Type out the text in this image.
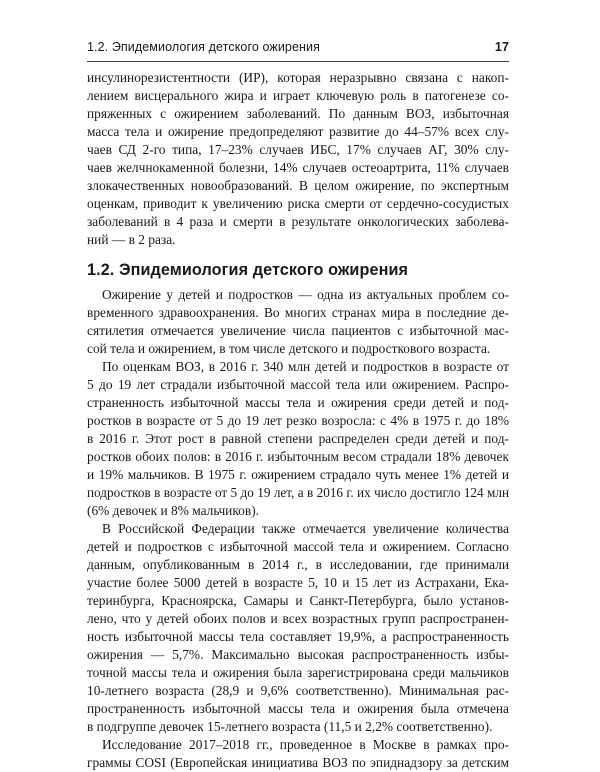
1.2. Эпидемиология детского ожирения	17
инсулинорезистентности (ИР), которая неразрывно связана с накоп-
лением висцерального жира и играет ключевую роль в патогенезе со-
пряженных с ожирением заболеваний. По данным ВОЗ, избыточная
масса тела и ожирение предопределяют развитие до 44–57% всех слу-
чаев СД 2-го типа, 17–23% случаев ИБС, 17% случаев АГ, 30% слу-
чаев желчнокаменной болезни, 14% случаев остеоартрита, 11% случаев
злокачественных новообразований. В целом ожирение, по экспертным
оценкам, приводит к увеличению риска смерти от сердечно-сосудистых
заболеваний в 4 раза и смерти в результате онкологических заболева-
ний — в 2 раза.
1.2. Эпидемиология детского ожирения
Ожирение у детей и подростков — одна из актуальных проблем со-
временного здравоохранения. Во многих странах мира в последние де-
сятилетия отмечается увеличение числа пациентов с избыточной мас-
сой тела и ожирением, в том числе детского и подросткового возраста.
По оценкам ВОЗ, в 2016 г. 340 млн детей и подростков в возрасте от
5 до 19 лет страдали избыточной массой тела или ожирением. Распро-
страненность избыточной массы тела и ожирения среди детей и под-
ростков в возрасте от 5 до 19 лет резко возросла: с 4% в 1975 г. до 18%
в 2016 г. Этот рост в равной степени распределен среди детей и под-
ростков обоих полов: в 2016 г. избыточным весом страдали 18% девочек
и 19% мальчиков. В 1975 г. ожирением страдало чуть менее 1% детей и
подростков в возрасте от 5 до 19 лет, а в 2016 г. их число достигло 124 млн
(6% девочек и 8% мальчиков).
В Российской Федерации также отмечается увеличение количества
детей и подростков с избыточной массой тела и ожирением. Согласно
данным, опубликованным в 2014 г., в исследовании, где принимали
участие более 5000 детей в возрасте 5, 10 и 15 лет из Астрахани, Ека-
теринбурга, Красноярска, Самары и Санкт-Петербурга, было установ-
лено, что у детей обоих полов и всех возрастных групп распространен-
ность избыточной массы тела составляет 19,9%, а распространенность
ожирения — 5,7%. Максимально высокая распространенность избы-
точной массы тела и ожирения была зарегистрирована среди мальчиков
10-летнего возраста (28,9 и 9,6% соответственно). Минимальная рас-
пространенность избыточной массы тела и ожирения была отмечена
в подгруппе девочек 15-летнего возраста (11,5 и 2,2% соответственно).
Исследование 2017–2018 гг., проведенное в Москве в рамках про-
граммы COSI (Европейская инициатива ВОЗ по эпиднадзору за детским
